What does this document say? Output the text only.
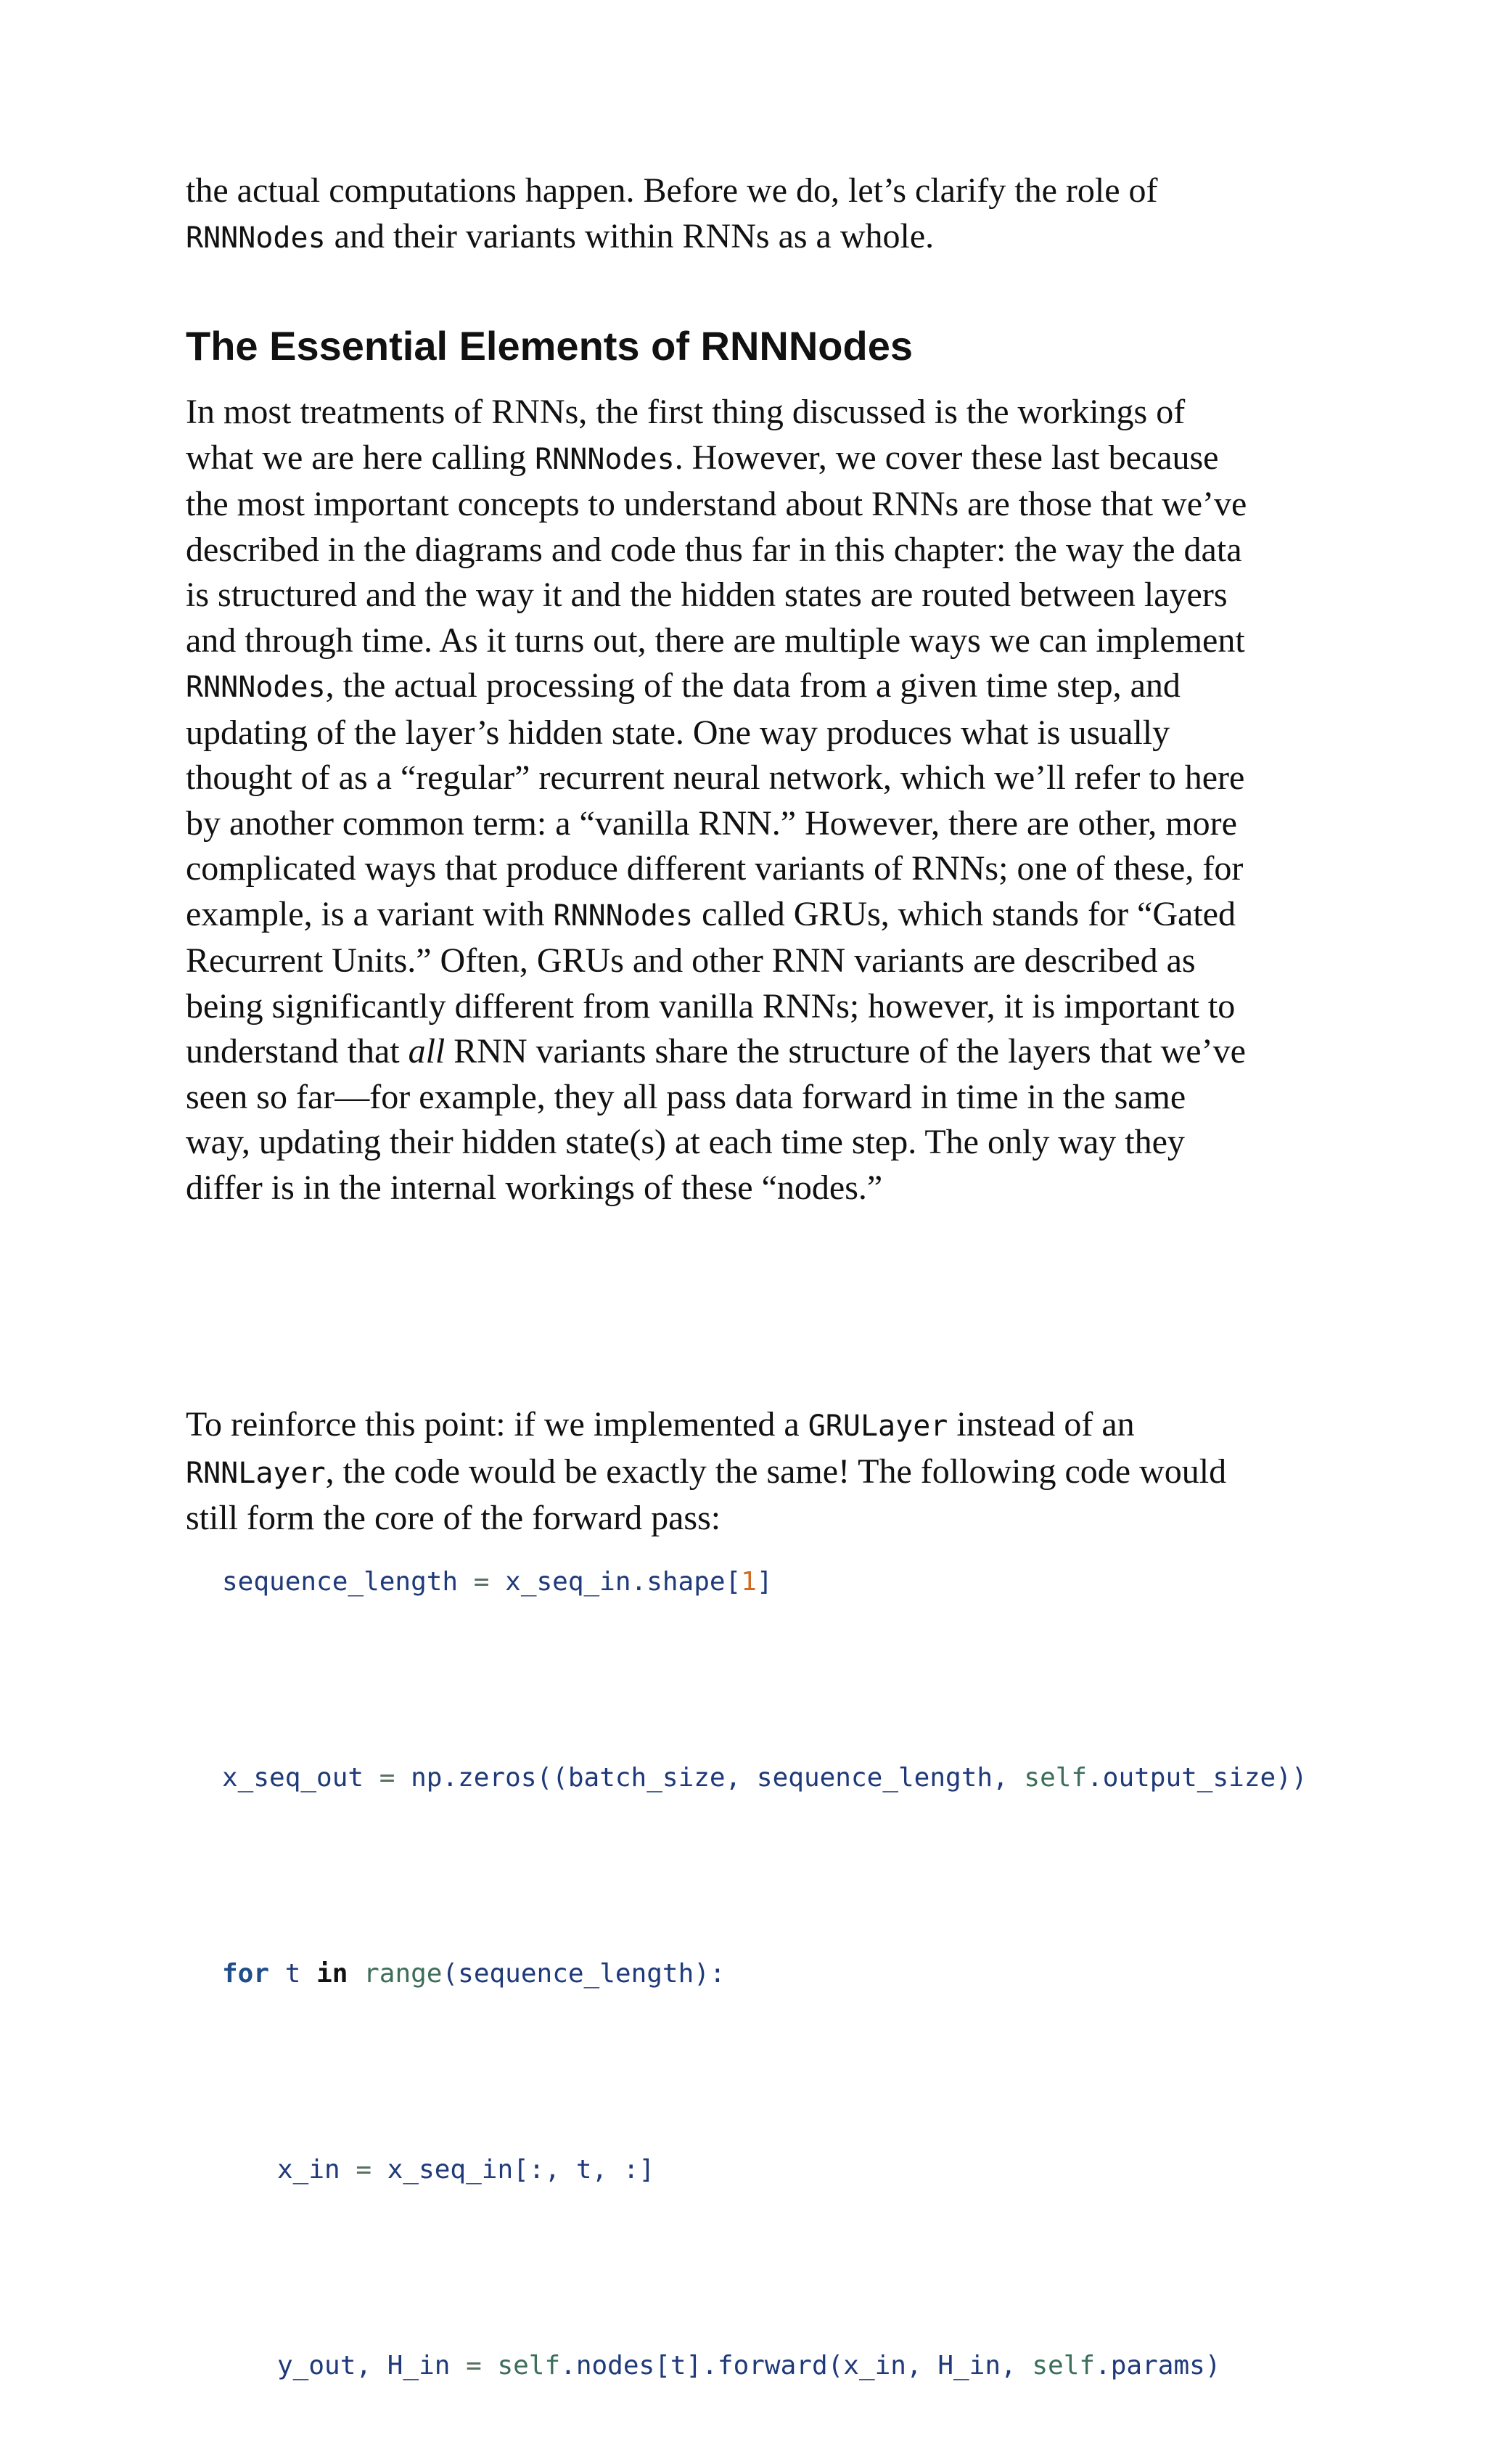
the actual computations happen. Before we do, let’s clarify the role of
RNNNodes and their variants within RNNs as a whole.

The Essential Elements of RNNNodes

In most treatments of RNNs, the first thing discussed is the workings of
what we are here calling RNNNodes. However, we cover these last because
the most important concepts to understand about RNNs are those that we’ve
described in the diagrams and code thus far in this chapter: the way the data
is structured and the way it and the hidden states are routed between layers
and through time. As it turns out, there are multiple ways we can implement
RNNNodes, the actual processing of the data from a given time step, and
updating of the layer’s hidden state. One way produces what is usually
thought of as a “regular” recurrent neural network, which we’ll refer to here
by another common term: a “vanilla RNN.” However, there are other, more
complicated ways that produce different variants of RNNs; one of these, for
example, is a variant with RNNNodes called GRUs, which stands for “Gated
Recurrent Units.” Often, GRUs and other RNN variants are described as
being significantly different from vanilla RNNs; however, it is important to
understand that all RNN variants share the structure of the layers that we’ve
seen so far—for example, they all pass data forward in time in the same
way, updating their hidden state(s) at each time step. The only way they
differ is in the internal workings of these “nodes.”

To reinforce this point: if we implemented a GRULayer instead of an
RNNLayer, the code would be exactly the same! The following code would
still form the core of the forward pass:

sequence_length = x_seq_in.shape[1]

x_seq_out = np.zeros((batch_size, sequence_length, self.output_size))

for t in range(sequence_length):

x_in = x_seq_in[:, t, :]

y_out, H_in = self.nodes[t].forward(x_in, H_in, self.params)
